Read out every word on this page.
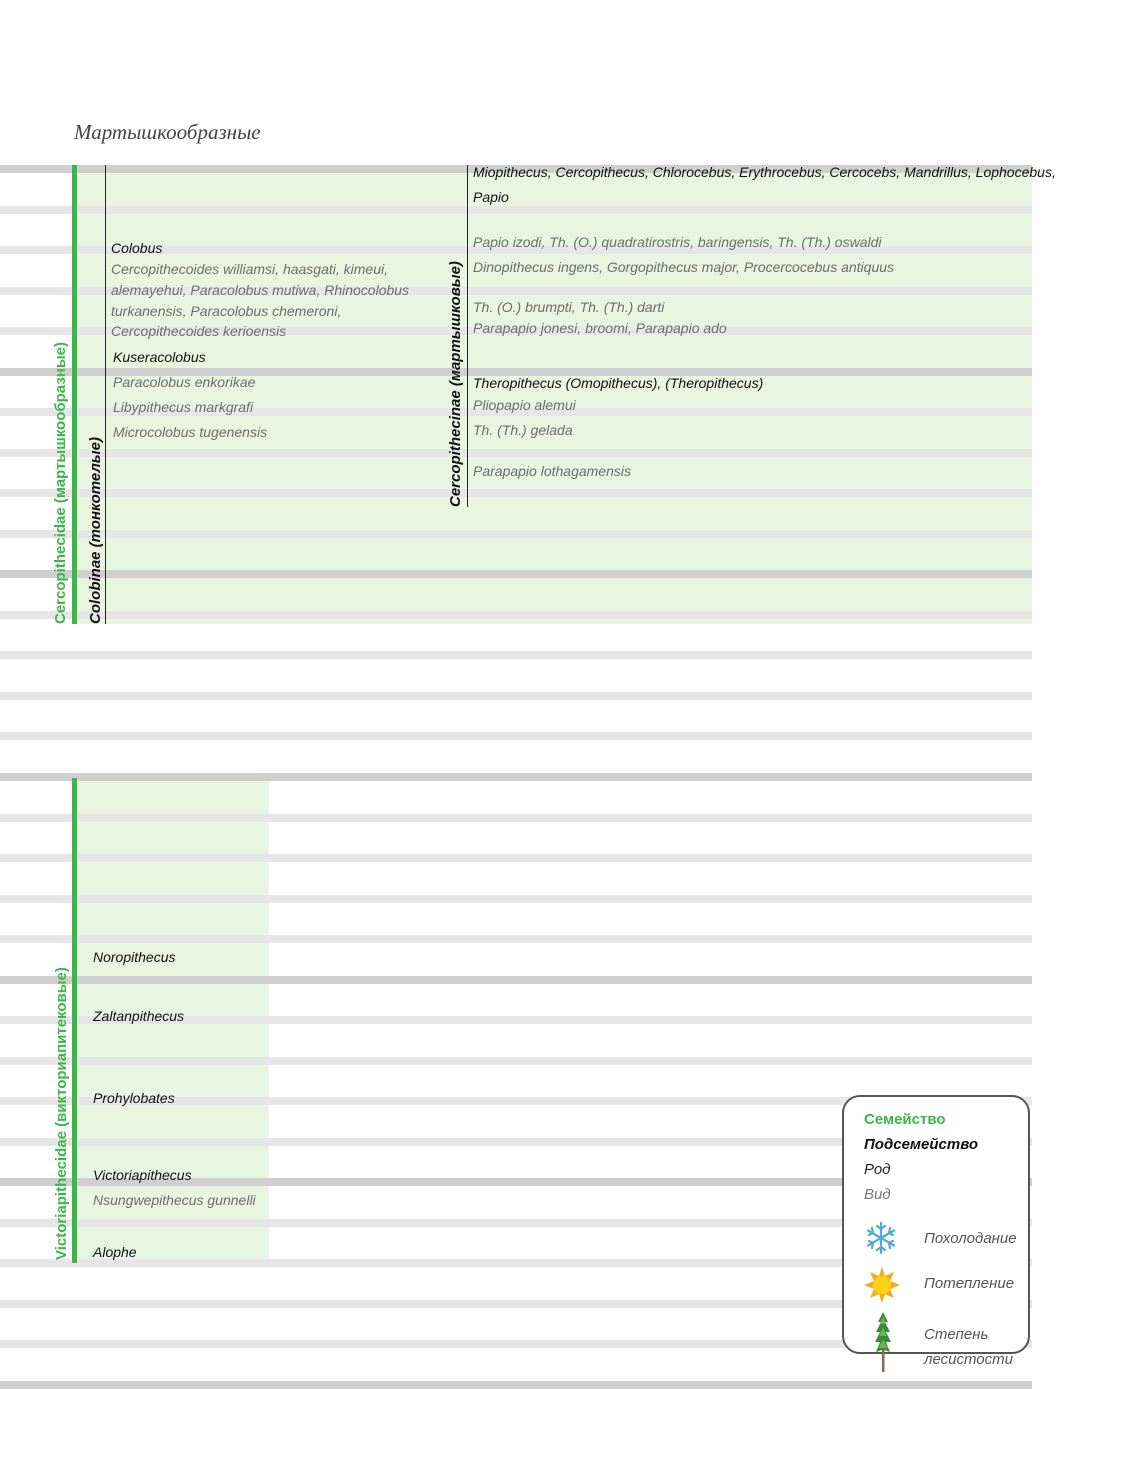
Мартышкообразные
Cercopithecidae (мартышкообразные) Colobinae (тонкотелые)
Cercopithecinae (мартышковые)
Colobus
Cercopithecoides williamsi, haasgati, kimeui,
alemayehui, Paracolobus mutiwa, Rhinocolobus
turkanensis, Paracolobus chemeroni,
Cercopithecoides kerioensis
Kuseracolobus
Paracolobus enkorikae
Libypithecus markgrafi
Microcolobus tugenensis
Miopithecus, Cercopithecus, Chlorocebus, Erythrocebus, Cercocebs, Mandrillus, Lophocebus,
Papio
Papio izodi, Th. (O.) quadratirostris, baringensis, Th. (Th.) oswaldi
Dinopithecus ingens, Gorgopithecus major, Procercocebus antiquus
Th. (O.) brumpti, Th. (Th.) darti
Parapapio jonesi, broomi, Parapapio ado
Theropithecus (Omopithecus), (Theropithecus)
Pliopapio alemui
Th. (Th.) gelada
Parapapio lothagamensis
Victoriapithecidae (викториапитековые)
Noropithecus
Zaltanpithecus
Prohylobates
Victoriapithecus
Nsungwepithecus gunnelli
Alophe
Семейство
Подсемейство
Род
Вид
Похолодание
Потепление
Степень
лесистости
